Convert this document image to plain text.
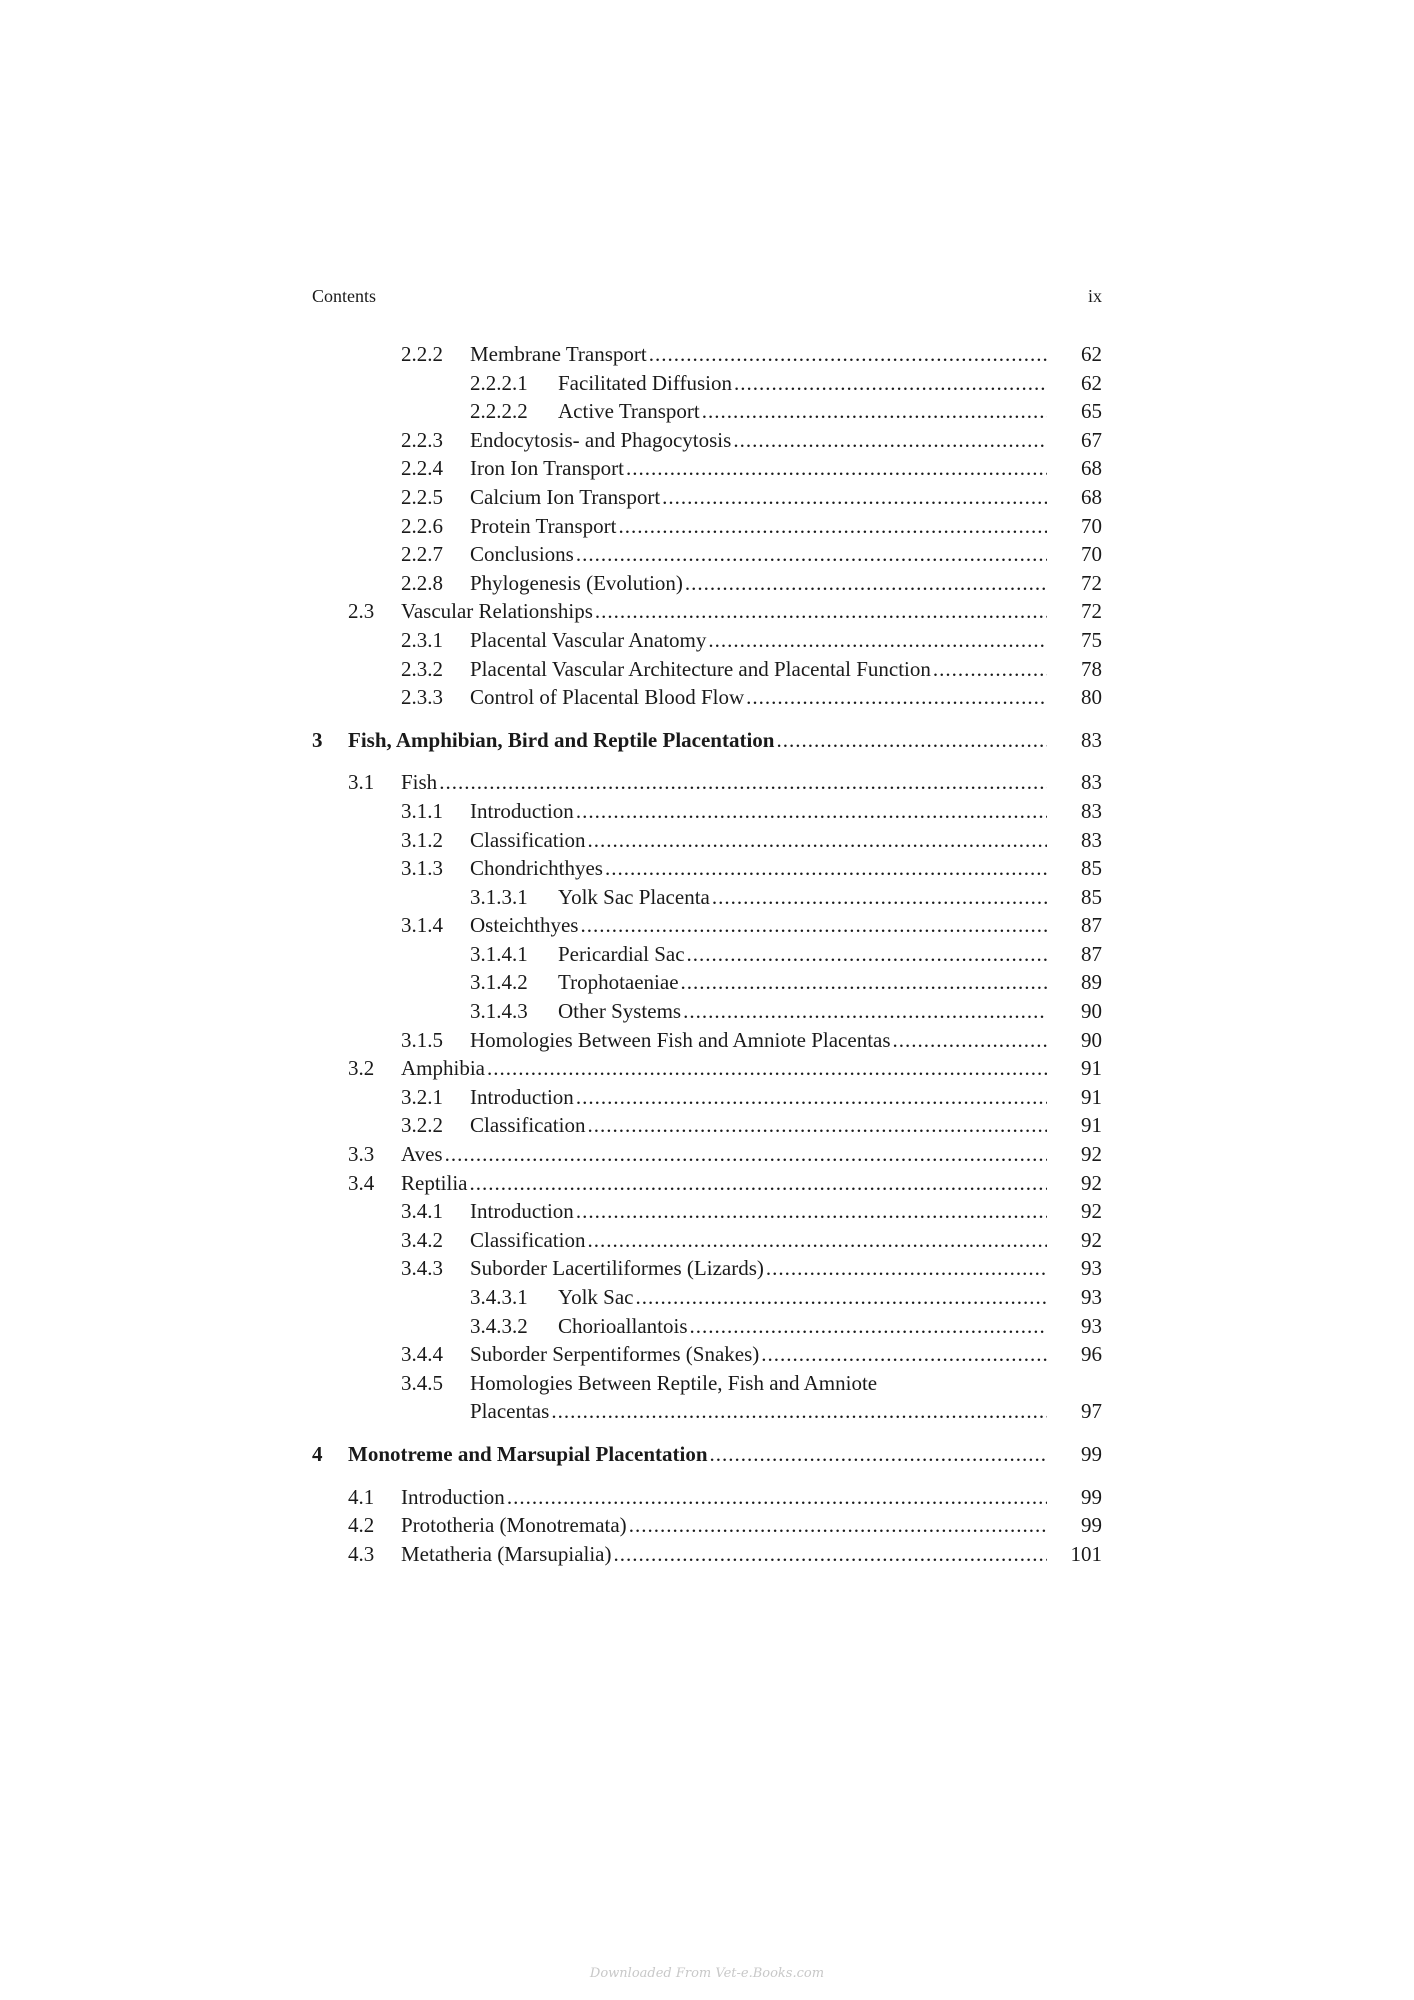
Contents	ix
2.2.2 Membrane Transport .....	62
2.2.2.1 Facilitated Diffusion .....	62
2.2.2.2 Active Transport .....	65
2.2.3 Endocytosis- and Phagocytosis .....	67
2.2.4 Iron Ion Transport .....	68
2.2.5 Calcium Ion Transport .....	68
2.2.6 Protein Transport .....	70
2.2.7 Conclusions .....	70
2.2.8 Phylogenesis (Evolution) .....	72
2.3 Vascular Relationships .....	72
2.3.1 Placental Vascular Anatomy .....	75
2.3.2 Placental Vascular Architecture and Placental Function .....	78
2.3.3 Control of Placental Blood Flow .....	80
3 Fish, Amphibian, Bird and Reptile Placentation .....	83
3.1 Fish .....	83
3.1.1 Introduction .....	83
3.1.2 Classification .....	83
3.1.3 Chondrichthyes .....	85
3.1.3.1 Yolk Sac Placenta .....	85
3.1.4 Osteichthyes .....	87
3.1.4.1 Pericardial Sac .....	87
3.1.4.2 Trophotaeniae .....	89
3.1.4.3 Other Systems .....	90
3.1.5 Homologies Between Fish and Amniote Placentas .....	90
3.2 Amphibia .....	91
3.2.1 Introduction .....	91
3.2.2 Classification .....	91
3.3 Aves .....	92
3.4 Reptilia .....	92
3.4.1 Introduction .....	92
3.4.2 Classification .....	92
3.4.3 Suborder Lacertiliformes (Lizards) .....	93
3.4.3.1 Yolk Sac .....	93
3.4.3.2 Chorioallantois .....	93
3.4.4 Suborder Serpentiformes (Snakes) .....	96
3.4.5 Homologies Between Reptile, Fish and Amniote
Placentas .....	97
4 Monotreme and Marsupial Placentation .....	99
4.1 Introduction .....	99
4.2 Prototheria (Monotremata) .....	99
4.3 Metatheria (Marsupialia) .....	101
Downloaded From Vet-e.Books.com
